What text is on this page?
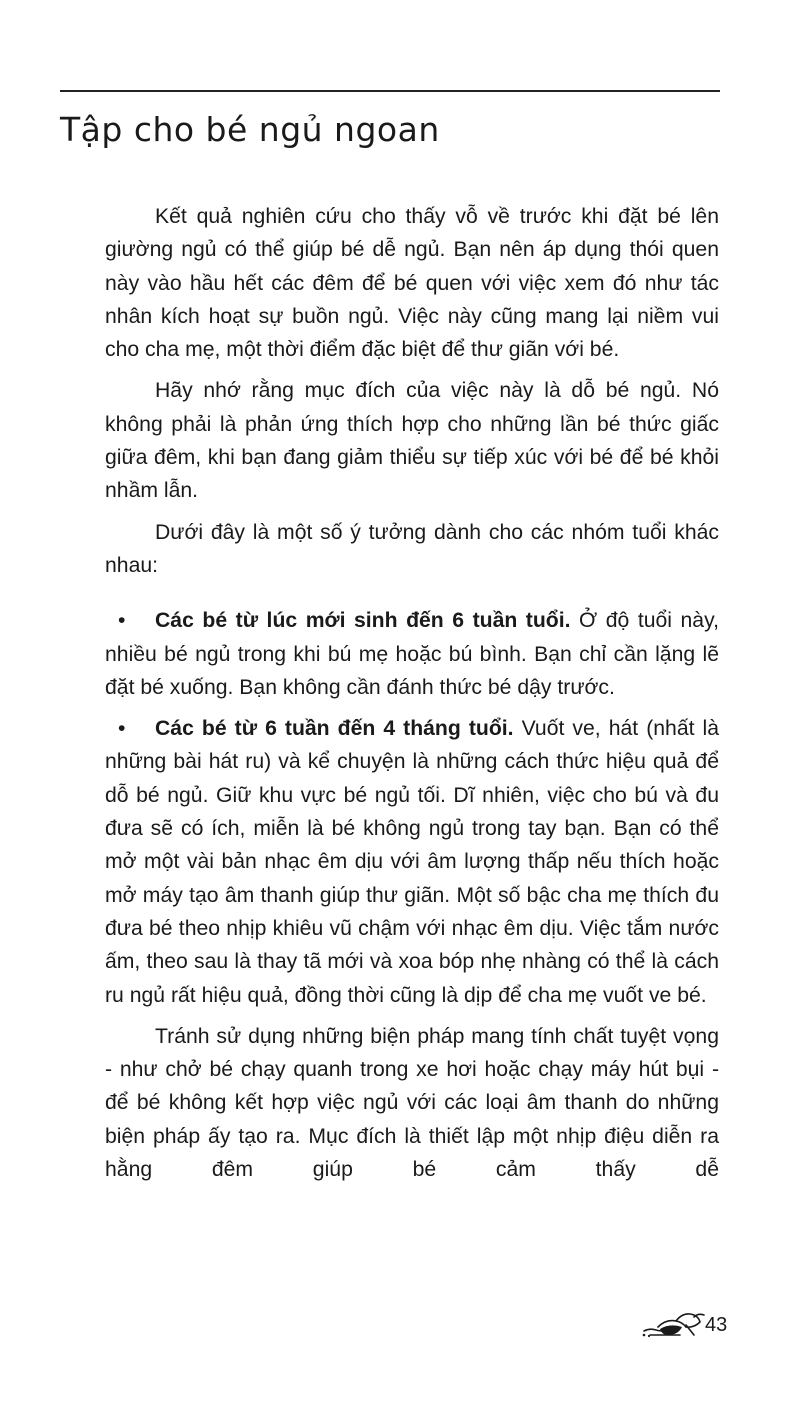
Tập cho bé ngủ ngoan

Kết quả nghiên cứu cho thấy vỗ về trước khi đặt bé lên giường ngủ có thể giúp bé dễ ngủ. Bạn nên áp dụng thói quen này vào hầu hết các đêm để bé quen với việc xem đó như tác nhân kích hoạt sự buồn ngủ. Việc này cũng mang lại niềm vui cho cha mẹ, một thời điểm đặc biệt để thư giãn với bé.

Hãy nhớ rằng mục đích của việc này là dỗ bé ngủ. Nó không phải là phản ứng thích hợp cho những lần bé thức giấc giữa đêm, khi bạn đang giảm thiểu sự tiếp xúc với bé để bé khỏi nhầm lẫn.

Dưới đây là một số ý tưởng dành cho các nhóm tuổi khác nhau:

• Các bé từ lúc mới sinh đến 6 tuần tuổi. Ở độ tuổi này, nhiều bé ngủ trong khi bú mẹ hoặc bú bình. Bạn chỉ cần lặng lẽ đặt bé xuống. Bạn không cần đánh thức bé dậy trước.
• Các bé từ 6 tuần đến 4 tháng tuổi. Vuốt ve, hát (nhất là những bài hát ru) và kể chuyện là những cách thức hiệu quả để dỗ bé ngủ. Giữ khu vực bé ngủ tối. Dĩ nhiên, việc cho bú và đu đưa sẽ có ích, miễn là bé không ngủ trong tay bạn. Bạn có thể mở một vài bản nhạc êm dịu với âm lượng thấp nếu thích hoặc mở máy tạo âm thanh giúp thư giãn. Một số bậc cha mẹ thích đu đưa bé theo nhịp khiêu vũ chậm với nhạc êm dịu. Việc tắm nước ấm, theo sau là thay tã mới và xoa bóp nhẹ nhàng có thể là cách ru ngủ rất hiệu quả, đồng thời cũng là dịp để cha mẹ vuốt ve bé.

Tránh sử dụng những biện pháp mang tính chất tuyệt vọng - như chở bé chạy quanh trong xe hơi hoặc chạy máy hút bụi - để bé không kết hợp việc ngủ với các loại âm thanh do những biện pháp ấy tạo ra. Mục đích là thiết lập một nhịp điệu diễn ra hằng đêm giúp bé cảm thấy dễ

43
